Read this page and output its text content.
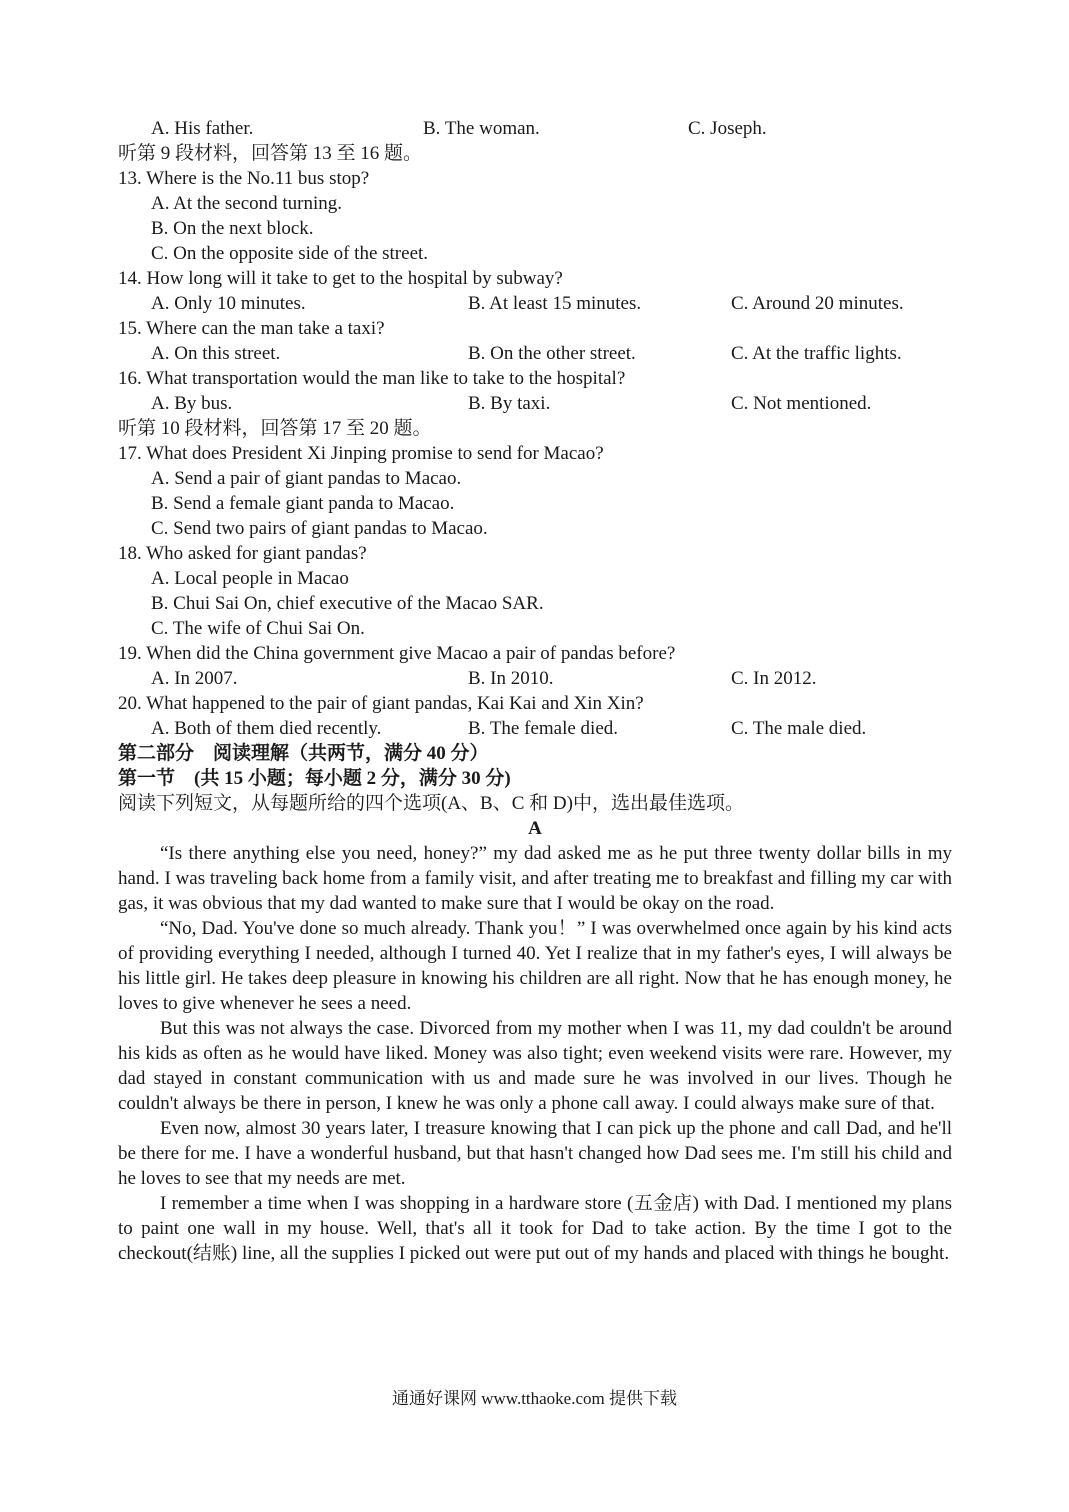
A. His father.	B. The woman.	C. Joseph.
听第 9 段材料，回答第 13 至 16 题。
13. Where is the No.11 bus stop?
A. At the second turning.
B. On the next block.
C. On the opposite side of the street.
14. How long will it take to get to the hospital by subway?
A. Only 10 minutes.	B. At least 15 minutes.	C. Around 20 minutes.
15. Where can the man take a taxi?
A. On this street.	B. On the other street.	C. At the traffic lights.
16. What transportation would the man like to take to the hospital?
A. By bus.	B. By taxi.	C. Not mentioned.
听第 10 段材料，回答第 17 至 20 题。
17. What does President Xi Jinping promise to send for Macao?
A. Send a pair of giant pandas to Macao.
B. Send a female giant panda to Macao.
C. Send two pairs of giant pandas to Macao.
18. Who asked for giant pandas?
A. Local people in Macao
B. Chui Sai On, chief executive of the Macao SAR.
C. The wife of Chui Sai On.
19. When did the China government give Macao a pair of pandas before?
A. In 2007.	B. In 2010.	C. In 2012.
20. What happened to the pair of giant pandas, Kai Kai and Xin Xin?
A. Both of them died recently.	B. The female died.	C. The male died.
第二部分　阅读理解（共两节，满分 40 分）
第一节　(共 15 小题；每小题 2 分，满分 30 分)
阅读下列短文，从每题所给的四个选项(A、B、C 和 D)中，选出最佳选项。
A

“Is there anything else you need, honey?” my dad asked me as he put three twenty dollar bills in my hand. I was traveling back home from a family visit, and after treating me to breakfast and filling my car with gas, it was obvious that my dad wanted to make sure that I would be okay on the road.

“No, Dad. You've done so much already. Thank you！” I was overwhelmed once again by his kind acts of providing everything I needed, although I turned 40. Yet I realize that in my father's eyes, I will always be his little girl. He takes deep pleasure in knowing his children are all right. Now that he has enough money, he loves to give whenever he sees a need.

But this was not always the case. Divorced from my mother when I was 11, my dad couldn't be around his kids as often as he would have liked. Money was also tight; even weekend visits were rare. However, my dad stayed in constant communication with us and made sure he was involved in our lives. Though he couldn't always be there in person, I knew he was only a phone call away. I could always make sure of that.

Even now, almost 30 years later, I treasure knowing that I can pick up the phone and call Dad, and he'll be there for me. I have a wonderful husband, but that hasn't changed how Dad sees me. I'm still his child and he loves to see that my needs are met.

I remember a time when I was shopping in a hardware store (五金店) with Dad. I mentioned my plans to paint one wall in my house. Well, that's all it took for Dad to take action. By the time I got to the checkout(结账) line, all the supplies I picked out were put out of my hands and placed with things he bought.

通通好课网 www.tthaoke.com 提供下载
